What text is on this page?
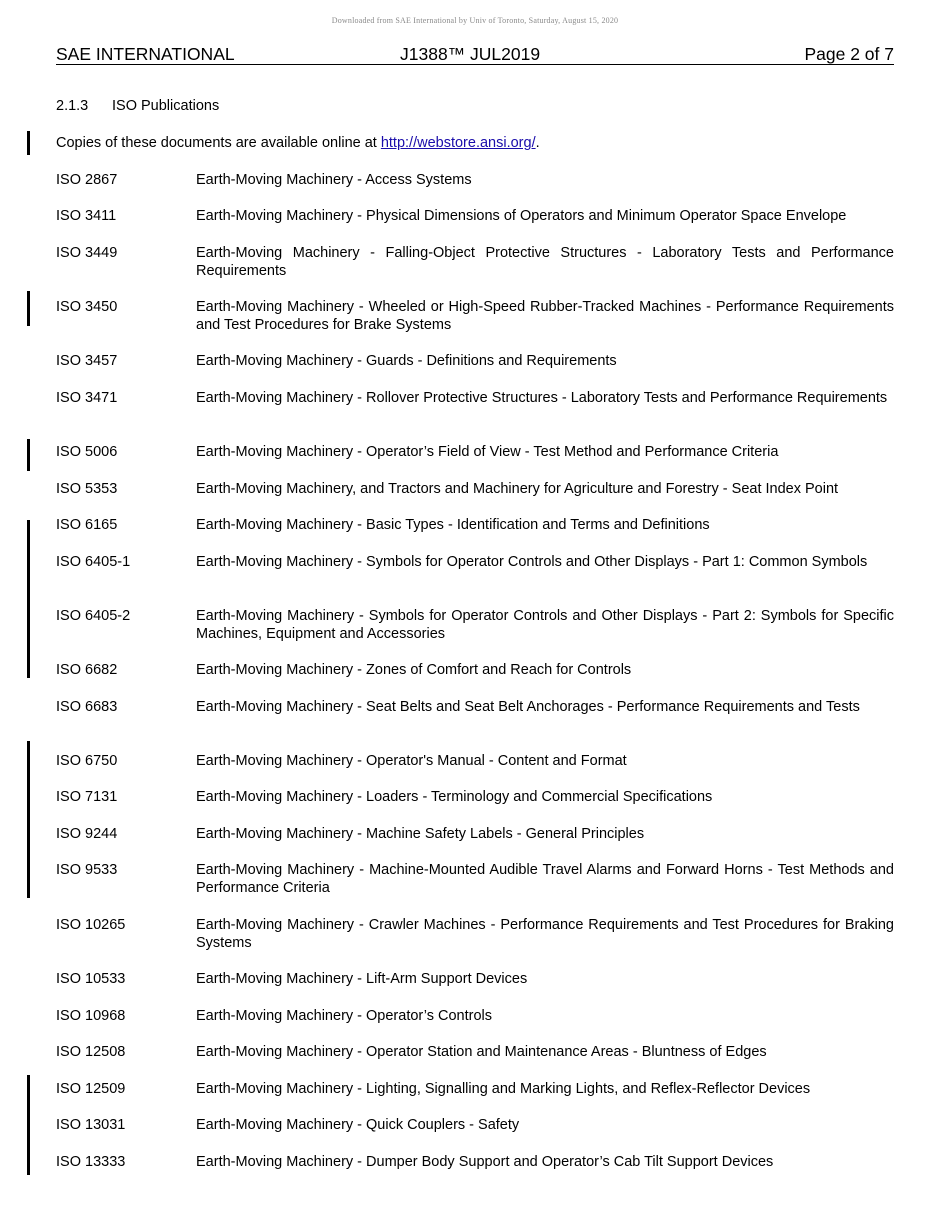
Downloaded from SAE International by Univ of Toronto, Saturday, August 15, 2020
SAE INTERNATIONAL	J1388™ JUL2019	Page 2 of 7
2.1.3 ISO Publications
Copies of these documents are available online at http://webstore.ansi.org/.
ISO 2867	Earth-Moving Machinery - Access Systems
ISO 3411	Earth-Moving Machinery - Physical Dimensions of Operators and Minimum Operator Space Envelope
ISO 3449	Earth-Moving Machinery - Falling-Object Protective Structures - Laboratory Tests and Performance Requirements
ISO 3450	Earth-Moving Machinery - Wheeled or High-Speed Rubber-Tracked Machines - Performance Requirements and Test Procedures for Brake Systems
ISO 3457	Earth-Moving Machinery - Guards - Definitions and Requirements
ISO 3471	Earth-Moving Machinery - Rollover Protective Structures - Laboratory Tests and Performance Requirements
ISO 5006	Earth-Moving Machinery - Operator’s Field of View - Test Method and Performance Criteria
ISO 5353	Earth-Moving Machinery, and Tractors and Machinery for Agriculture and Forestry - Seat Index Point
ISO 6165	Earth-Moving Machinery - Basic Types - Identification and Terms and Definitions
ISO 6405-1	Earth-Moving Machinery - Symbols for Operator Controls and Other Displays - Part 1: Common Symbols
ISO 6405-2	Earth-Moving Machinery - Symbols for Operator Controls and Other Displays - Part 2: Symbols for Specific Machines, Equipment and Accessories
ISO 6682	Earth-Moving Machinery - Zones of Comfort and Reach for Controls
ISO 6683	Earth-Moving Machinery - Seat Belts and Seat Belt Anchorages - Performance Requirements and Tests
ISO 6750	Earth-Moving Machinery - Operator's Manual - Content and Format
ISO 7131	Earth-Moving Machinery - Loaders - Terminology and Commercial Specifications
ISO 9244	Earth-Moving Machinery - Machine Safety Labels - General Principles
ISO 9533	Earth-Moving Machinery - Machine-Mounted Audible Travel Alarms and Forward Horns - Test Methods and Performance Criteria
ISO 10265	Earth-Moving Machinery - Crawler Machines - Performance Requirements and Test Procedures for Braking Systems
ISO 10533	Earth-Moving Machinery - Lift-Arm Support Devices
ISO 10968	Earth-Moving Machinery - Operator’s Controls
ISO 12508	Earth-Moving Machinery - Operator Station and Maintenance Areas - Bluntness of Edges
ISO 12509	Earth-Moving Machinery - Lighting, Signalling and Marking Lights, and Reflex-Reflector Devices
ISO 13031	Earth-Moving Machinery - Quick Couplers - Safety
ISO 13333	Earth-Moving Machinery - Dumper Body Support and Operator’s Cab Tilt Support Devices
